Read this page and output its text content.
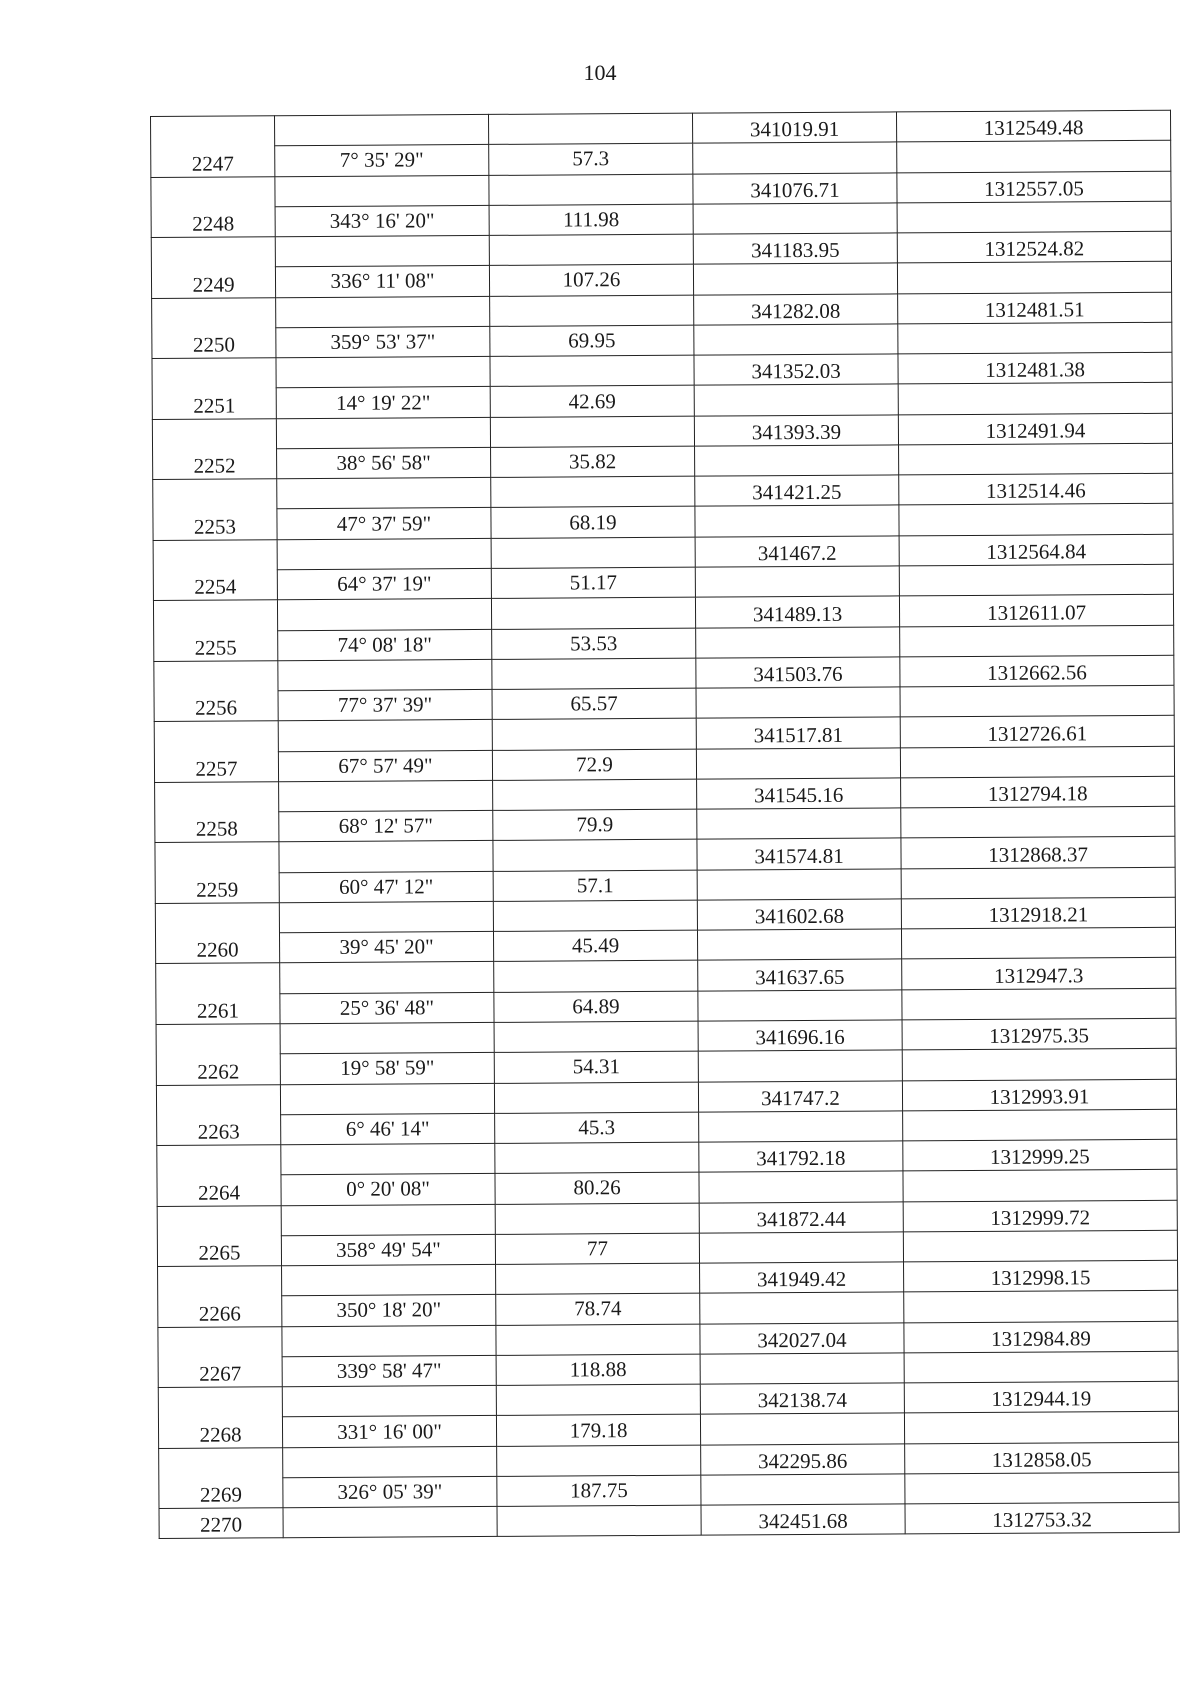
104
2247			341019.91	1312549.48
	7° 35' 29"	57.3		
2248			341076.71	1312557.05
	343° 16' 20"	111.98		
2249			341183.95	1312524.82
	336° 11' 08"	107.26		
2250			341282.08	1312481.51
	359° 53' 37"	69.95		
2251			341352.03	1312481.38
	14° 19' 22"	42.69		
2252			341393.39	1312491.94
	38° 56' 58"	35.82		
2253			341421.25	1312514.46
	47° 37' 59"	68.19		
2254			341467.2	1312564.84
	64° 37' 19"	51.17		
2255			341489.13	1312611.07
	74° 08' 18"	53.53		
2256			341503.76	1312662.56
	77° 37' 39"	65.57		
2257			341517.81	1312726.61
	67° 57' 49"	72.9		
2258			341545.16	1312794.18
	68° 12' 57"	79.9		
2259			341574.81	1312868.37
	60° 47' 12"	57.1		
2260			341602.68	1312918.21
	39° 45' 20"	45.49		
2261			341637.65	1312947.3
	25° 36' 48"	64.89		
2262			341696.16	1312975.35
	19° 58' 59"	54.31		
2263			341747.2	1312993.91
	6° 46' 14"	45.3		
2264			341792.18	1312999.25
	0° 20' 08"	80.26		
2265			341872.44	1312999.72
	358° 49' 54"	77		
2266			341949.42	1312998.15
	350° 18' 20"	78.74		
2267			342027.04	1312984.89
	339° 58' 47"	118.88		
2268			342138.74	1312944.19
	331° 16' 00"	179.18		
2269			342295.86	1312858.05
	326° 05' 39"	187.75		
2270			342451.68	1312753.32
